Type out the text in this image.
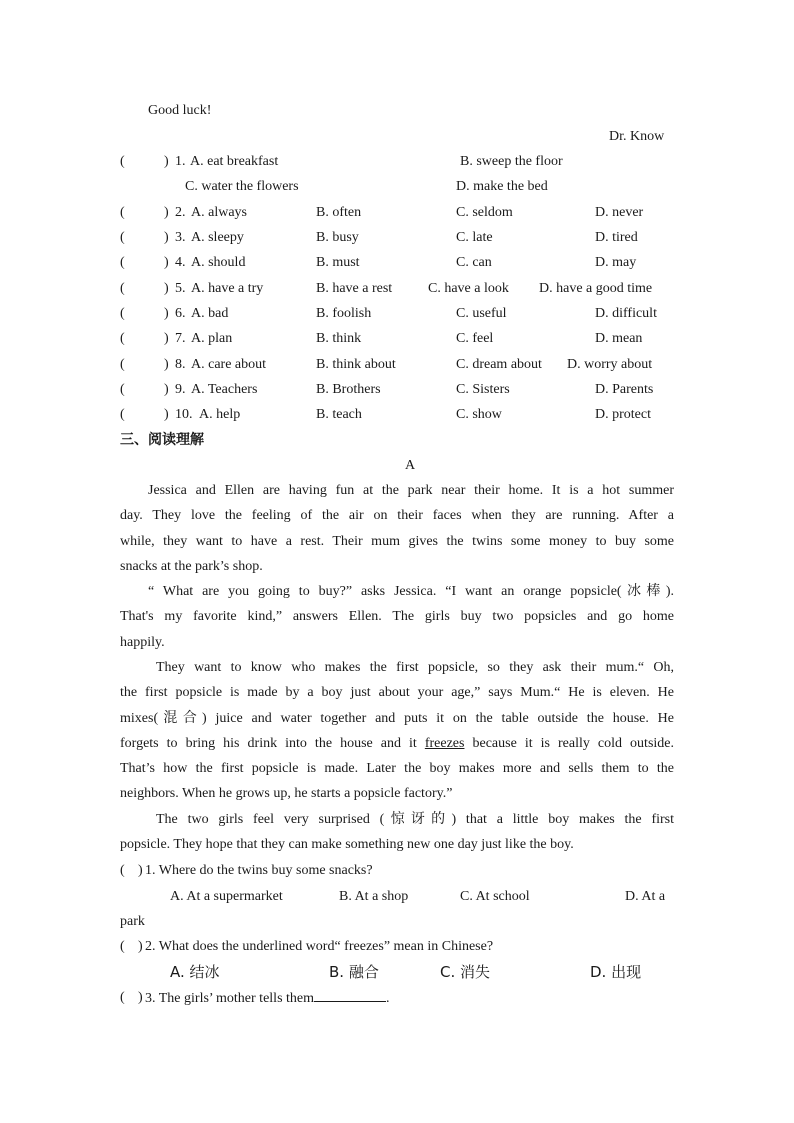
Good luck!
Dr. Know
(	) 1. A. eat breakfast	B. sweep the floor
C. water the flowers	D. make the bed
(	) 2. A. always	B. often	C. seldom	D. never
(	) 3. A. sleepy	B. busy	C. late	D. tired
(	) 4. A. should	B. must	C. can	D. may
(	) 5. A. have a try	B. have a rest	C. have a look D. have a good time
(	) 6. A. bad	B. foolish	C. useful	D. difficult
(	) 7. A. plan	B. think	C. feel	D. mean
(	) 8. A. care about	B. think about	C. dream about D. worry about
(	) 9. A. Teachers	B. Brothers	C. Sisters	D. Parents
(	) 10. A. help	B. teach	C. show	D. protect
三、阅读理解
A
Jessica and Ellen are having fun at the park near their home. It is a hot summer
day. They love the feeling of the air on their faces when they are running. After a
while, they want to have a rest. Their mum gives the twins some money to buy some
snacks at the park’s shop.
“ What are you going to buy?” asks Jessica. “I want an orange popsicle(冰棒).
That's my favorite kind,” answers Ellen. The girls buy two popsicles and go home
happily.
They want to know who makes the first popsicle, so they ask their mum.“ Oh,
the first popsicle is made by a boy just about your age,” says Mum.“ He is eleven. He
mixes(混合) juice and water together and puts it on the table outside the house. He
forgets to bring his drink into the house and it freezes because it is really cold outside.
That’s how the first popsicle is made. Later the boy makes more and sells them to the
neighbors. When he grows up, he starts a popsicle factory.”
The two girls feel very surprised (惊讶的) that a little boy makes the first
popsicle. They hope that they can make something new one day just like the boy.
( ) 1. Where do the twins buy some snacks?
A. At a supermarket	B. At a shop	C. At school	D. At a
park
( ) 2. What does the underlined word“ freezes” mean in Chinese?
A. 结冰	B. 融合	C. 消失	D. 出现
( ) 3. The girls’ mother tells them	.
